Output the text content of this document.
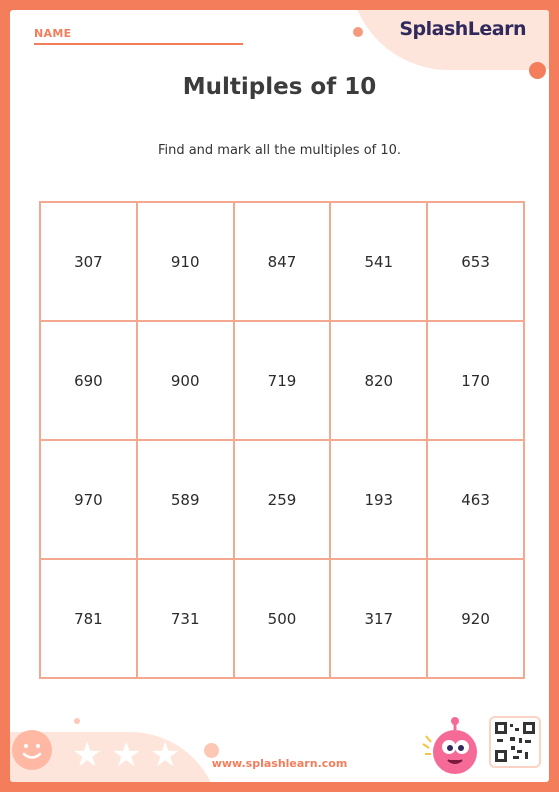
NAME	SplashLearn
Multiples of 10
Find and mark all the multiples of 10.
307	910	847	541	653
690	900	719	820	170
970	589	259	193	463
781	731	500	317	920
★ ★ ★	www.splashlearn.com
